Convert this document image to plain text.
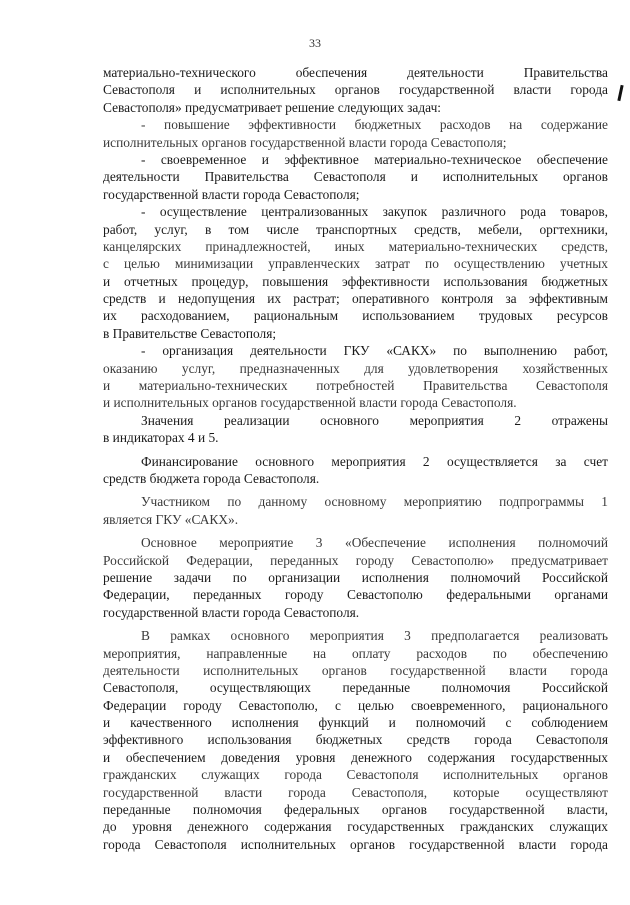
33
материально-технического обеспечения деятельности Правительства
Севастополя и исполнительных органов государственной власти города
Севастополя» предусматривает решение следующих задач:
- повышение эффективности бюджетных расходов на содержание
исполнительных органов государственной власти города Севастополя;
- своевременное и эффективное материально-техническое обеспечение
деятельности Правительства Севастополя и исполнительных органов
государственной власти города Севастополя;
- осуществление централизованных закупок различного рода товаров,
работ, услуг, в том числе транспортных средств, мебели, оргтехники,
канцелярских принадлежностей, иных материально-технических средств,
с целью минимизации управленческих затрат по осуществлению учетных
и отчетных процедур, повышения эффективности использования бюджетных
средств и недопущения их растрат; оперативного контроля за эффективным
их расходованием, рациональным использованием трудовых ресурсов
в Правительстве Севастополя;
- организация деятельности ГКУ «САКХ» по выполнению работ,
оказанию услуг, предназначенных для удовлетворения хозяйственных
и материально-технических потребностей Правительства Севастополя
и исполнительных органов государственной власти города Севастополя.
Значения реализации основного мероприятия 2 отражены
в индикаторах 4 и 5.
Финансирование основного мероприятия 2 осуществляется за счет
средств бюджета города Севастополя.
Участником по данному основному мероприятию подпрограммы 1
является ГКУ «САКХ».
Основное мероприятие 3 «Обеспечение исполнения полномочий
Российской Федерации, переданных городу Севастополю» предусматривает
решение задачи по организации исполнения полномочий Российской
Федерации, переданных городу Севастополю федеральными органами
государственной власти города Севастополя.
В рамках основного мероприятия 3 предполагается реализовать
мероприятия, направленные на оплату расходов по обеспечению
деятельности исполнительных органов государственной власти города
Севастополя, осуществляющих переданные полномочия Российской
Федерации городу Севастополю, с целью своевременного, рационального
и качественного исполнения функций и полномочий с соблюдением
эффективного использования бюджетных средств города Севастополя
и обеспечением доведения уровня денежного содержания государственных
гражданских служащих города Севастополя исполнительных органов
государственной власти города Севастополя, которые осуществляют
переданные полномочия федеральных органов государственной власти,
до уровня денежного содержания государственных гражданских служащих
города Севастополя исполнительных органов государственной власти города
